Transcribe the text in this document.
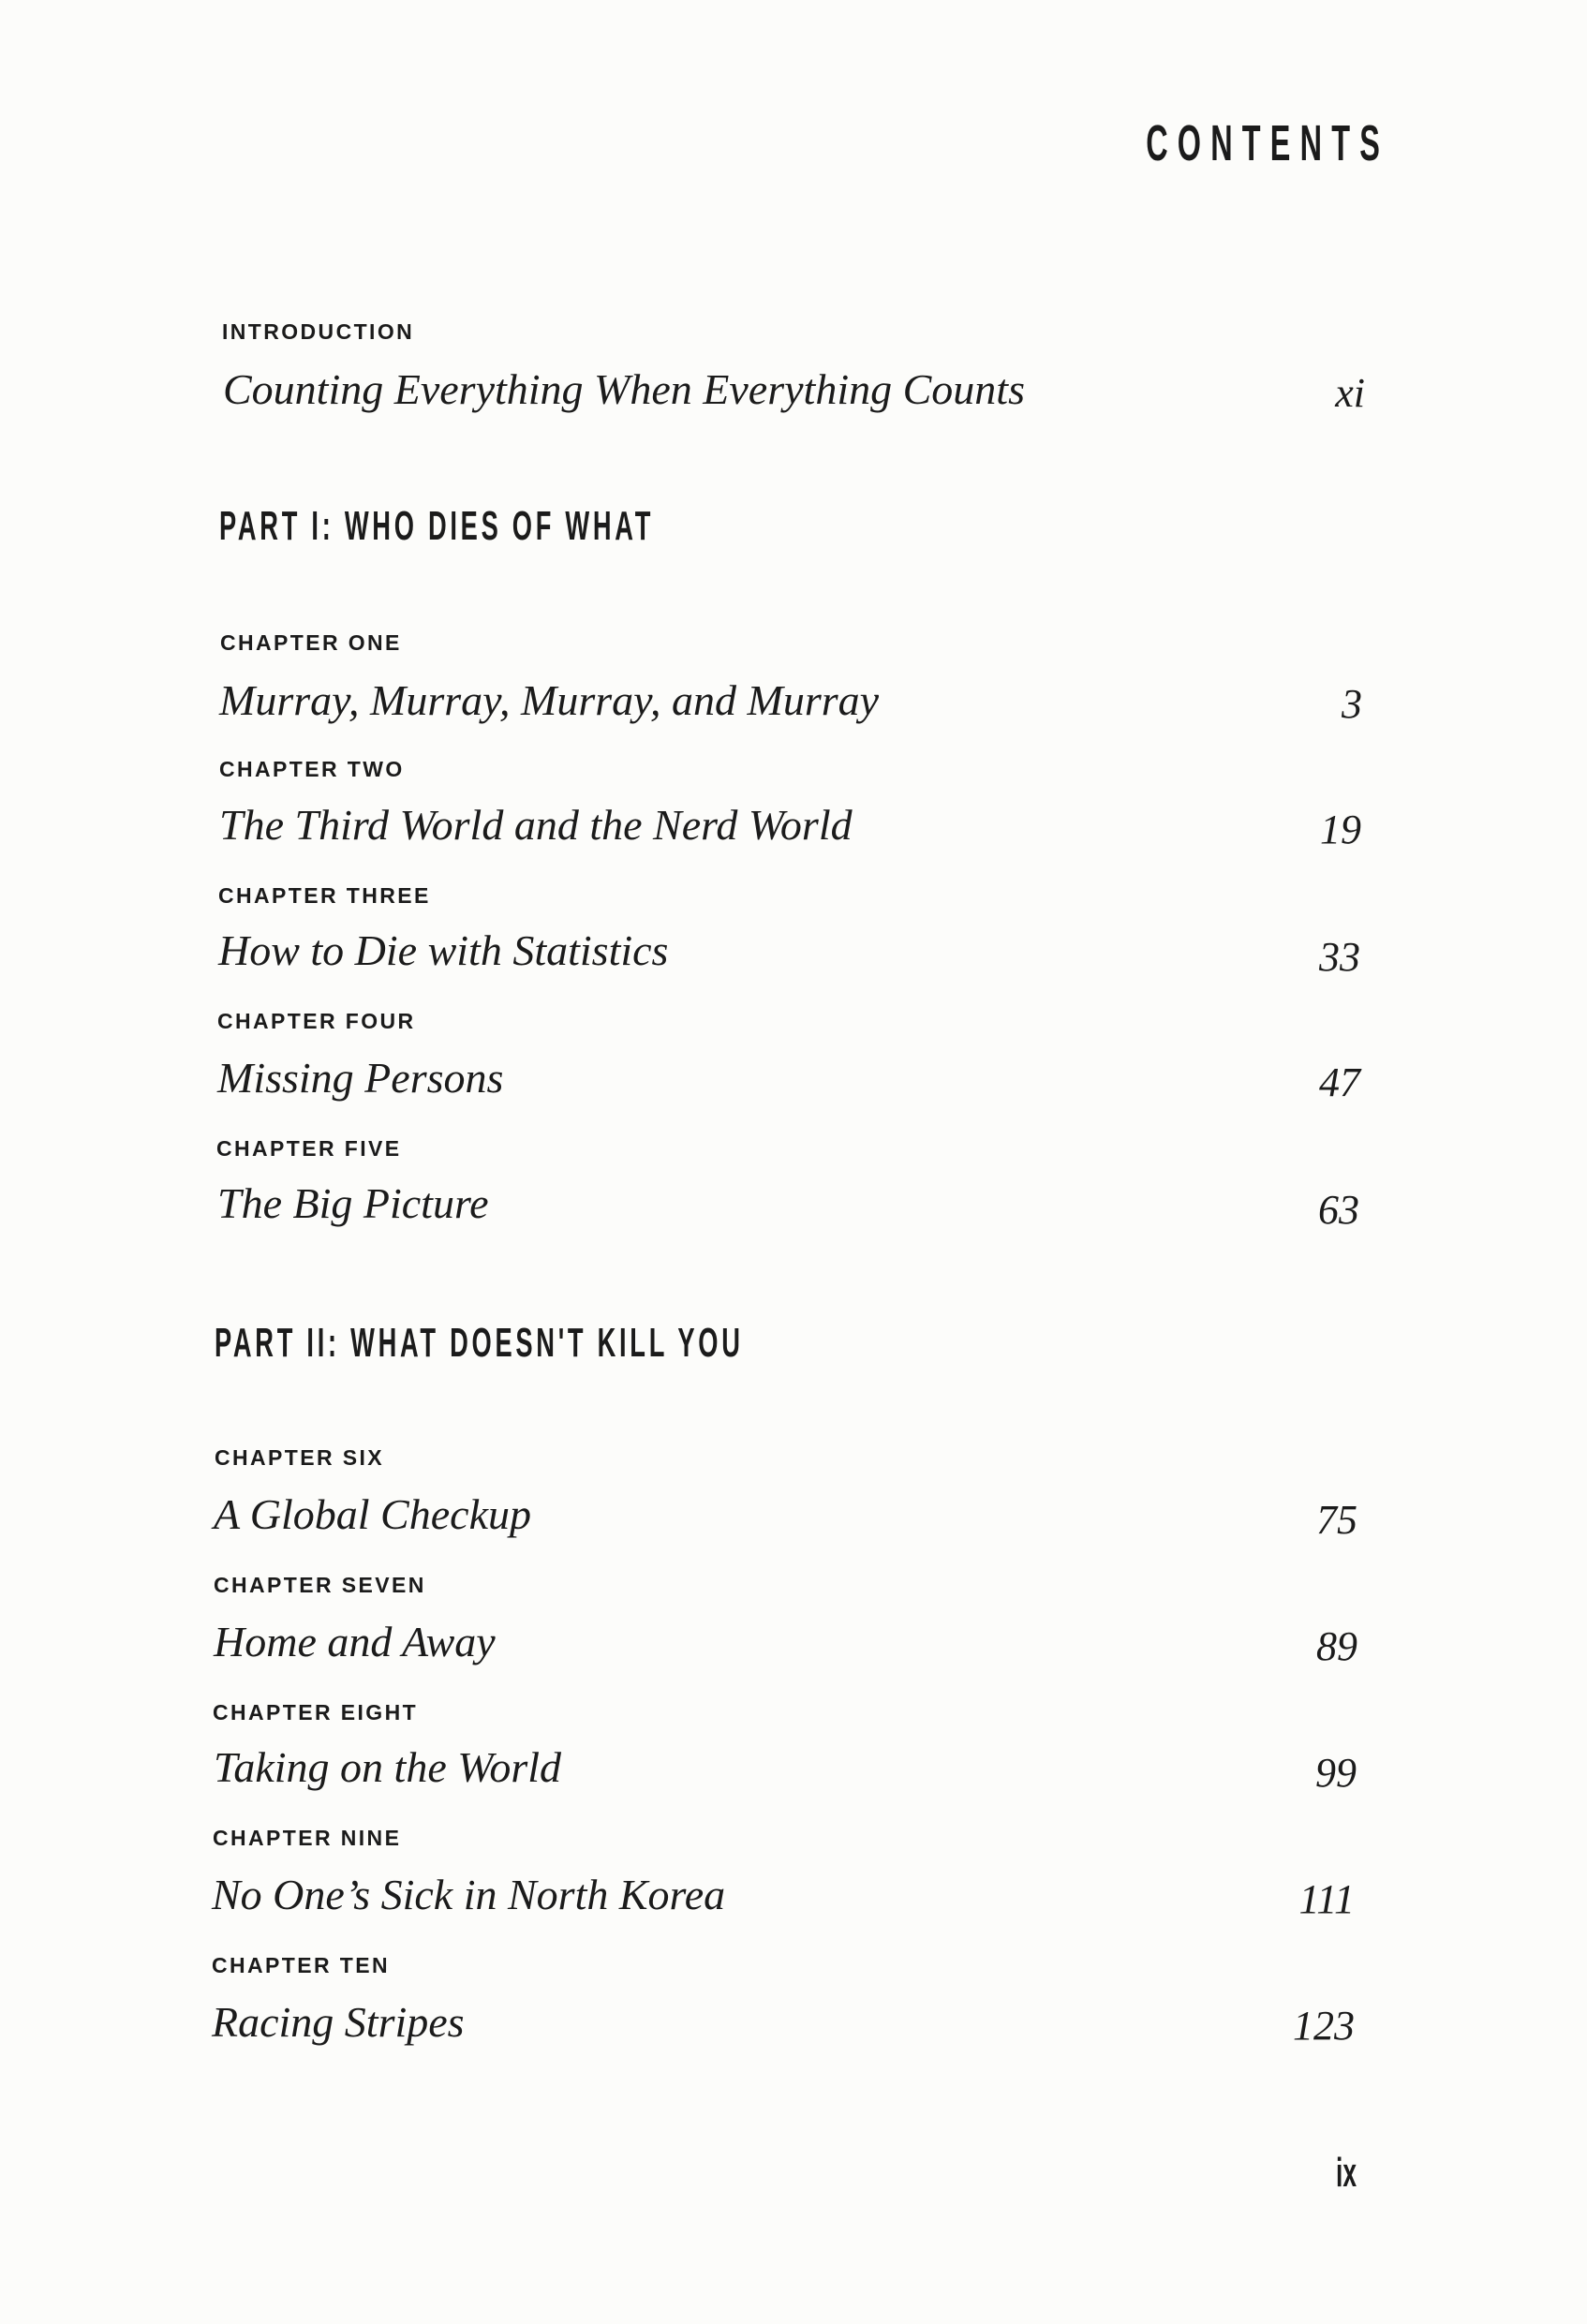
CONTENTS
INTRODUCTION
Counting Everything When Everything Counts	xi
PART I: WHO DIES OF WHAT
CHAPTER ONE
Murray, Murray, Murray, and Murray	3
CHAPTER TWO
The Third World and the Nerd World	19
CHAPTER THREE
How to Die with Statistics	33
CHAPTER FOUR
Missing Persons	47
CHAPTER FIVE
The Big Picture	63
PART II: WHAT DOESN'T KILL YOU
CHAPTER SIX
A Global Checkup	75
CHAPTER SEVEN
Home and Away	89
CHAPTER EIGHT
Taking on the World	99
CHAPTER NINE
No One’s Sick in North Korea	111
CHAPTER TEN
Racing Stripes	123
ix
